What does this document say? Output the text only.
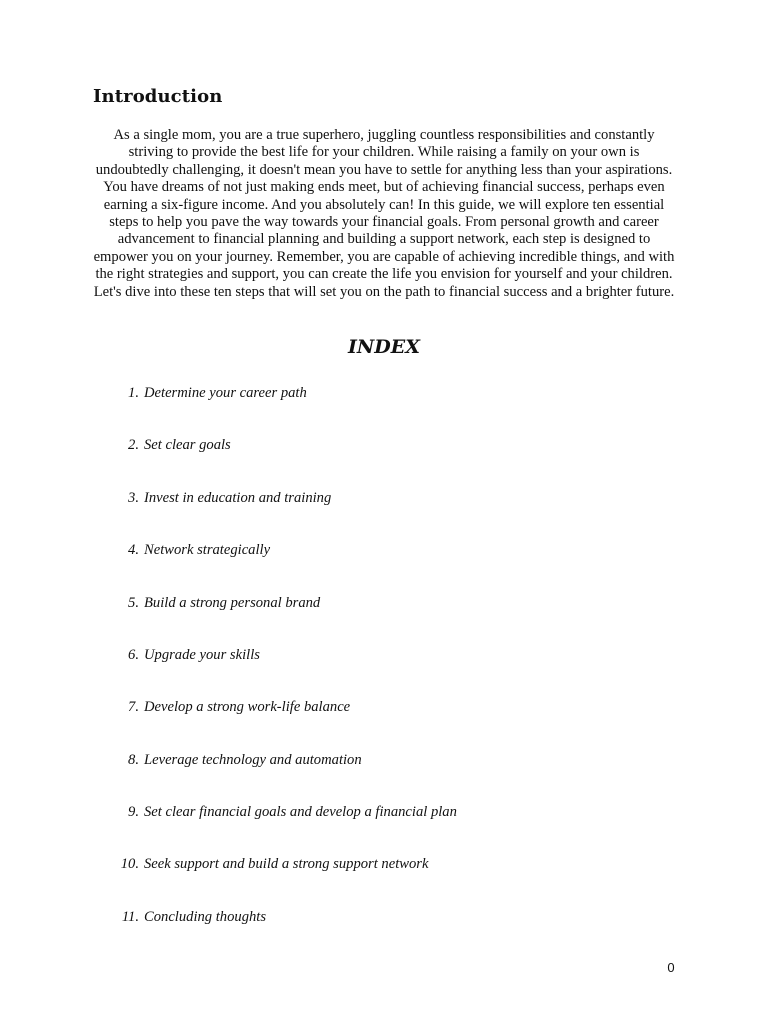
Introduction

As a single mom, you are a true superhero, juggling countless responsibilities and constantly striving to provide the best life for your children. While raising a family on your own is undoubtedly challenging, it doesn't mean you have to settle for anything less than your aspirations. You have dreams of not just making ends meet, but of achieving financial success, perhaps even earning a six-figure income. And you absolutely can! In this guide, we will explore ten essential steps to help you pave the way towards your financial goals. From personal growth and career advancement to financial planning and building a support network, each step is designed to empower you on your journey. Remember, you are capable of achieving incredible things, and with the right strategies and support, you can create the life you envision for yourself and your children. Let's dive into these ten steps that will set you on the path to financial success and a brighter future.

INDEX
1. Determine your career path
2. Set clear goals
3. Invest in education and training
4. Network strategically
5. Build a strong personal brand
6. Upgrade your skills
7. Develop a strong work-life balance
8. Leverage technology and automation
9. Set clear financial goals and develop a financial plan
10. Seek support and build a strong support network
11. Concluding thoughts
0
